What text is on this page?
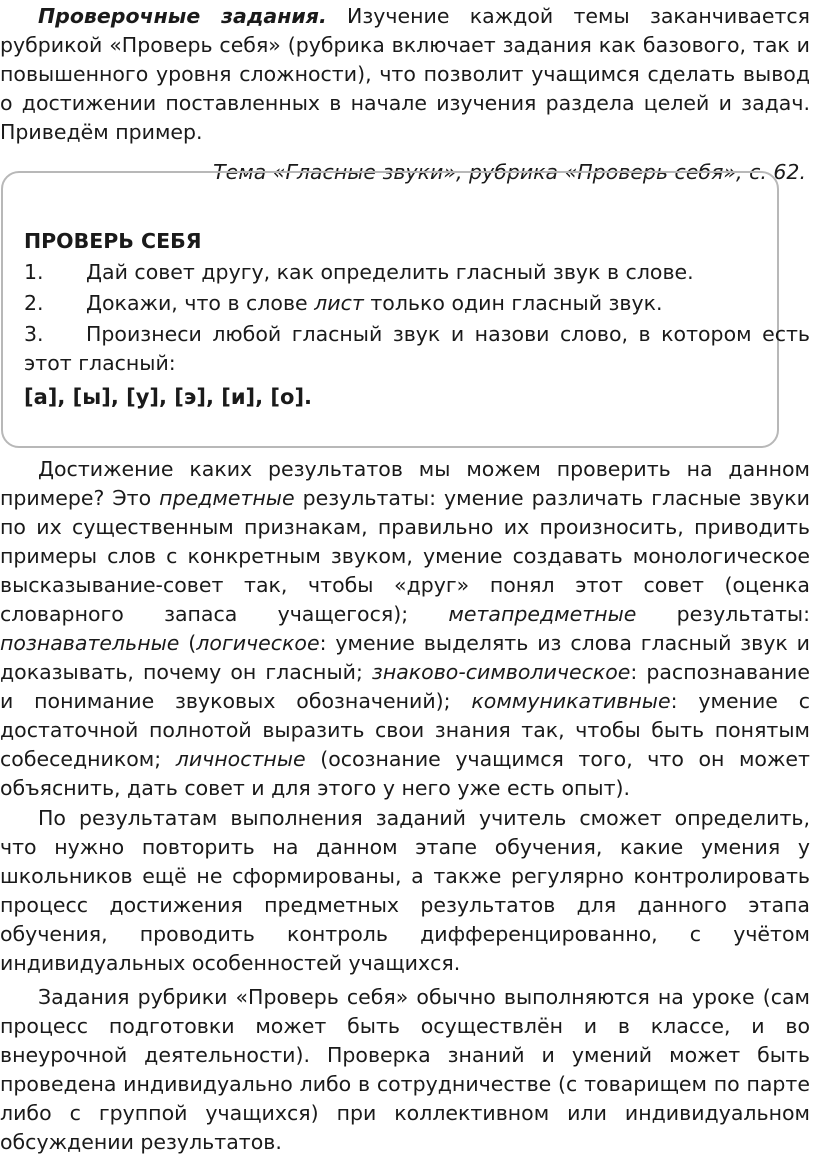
Проверочные задания. Изучение каждой темы заканчивается рубрикой «Проверь себя» (рубрика включает задания как базового, так и повышенного уровня сложности), что позволит учащимся сделать вывод о достижении поставленных в начале изучения раздела целей и задач. Приведём пример.

Тема «Гласные звуки», рубрика «Проверь себя», с. 62.

ПРОВЕРЬ СЕБЯ

1. Дай совет другу, как определить гласный звук в слове.

2. Докажи, что в слове лист только один гласный звук.

3. Произнеси любой гласный звук и назови слово, в котором есть этот гласный:

[а], [ы], [у], [э], [и], [о].

Достижение каких результатов мы можем проверить на данном примере? Это предметные результаты: умение различать гласные звуки по их существенным признакам, правильно их произносить, приводить примеры слов с конкретным звуком, умение создавать монологическое высказывание-совет так, чтобы «друг» понял этот совет (оценка словарного запаса учащегося); метапредметные результаты: познавательные (логическое: умение выделять из слова гласный звук и доказывать, почему он гласный; знаково-символическое: распознавание и понимание звуковых обозначений); коммуникативные: умение с достаточной полнотой выразить свои знания так, чтобы быть понятым собеседником; личностные (осознание учащимся того, что он может объяснить, дать совет и для этого у него уже есть опыт).

По результатам выполнения заданий учитель сможет определить, что нужно повторить на данном этапе обучения, какие умения у школьников ещё не сформированы, а также регулярно контролировать процесс достижения предметных результатов для данного этапа обучения, проводить контроль дифференцированно, с учётом индивидуальных особенностей учащихся.

Задания рубрики «Проверь себя» обычно выполняются на уроке (сам процесс подготовки может быть осуществлён и в классе, и во внеурочной деятельности). Проверка знаний и умений может быть проведена индивидуально либо в сотрудничестве (с товарищем по парте либо с группой учащихся) при коллективном или индивидуальном обсуждении результатов.
